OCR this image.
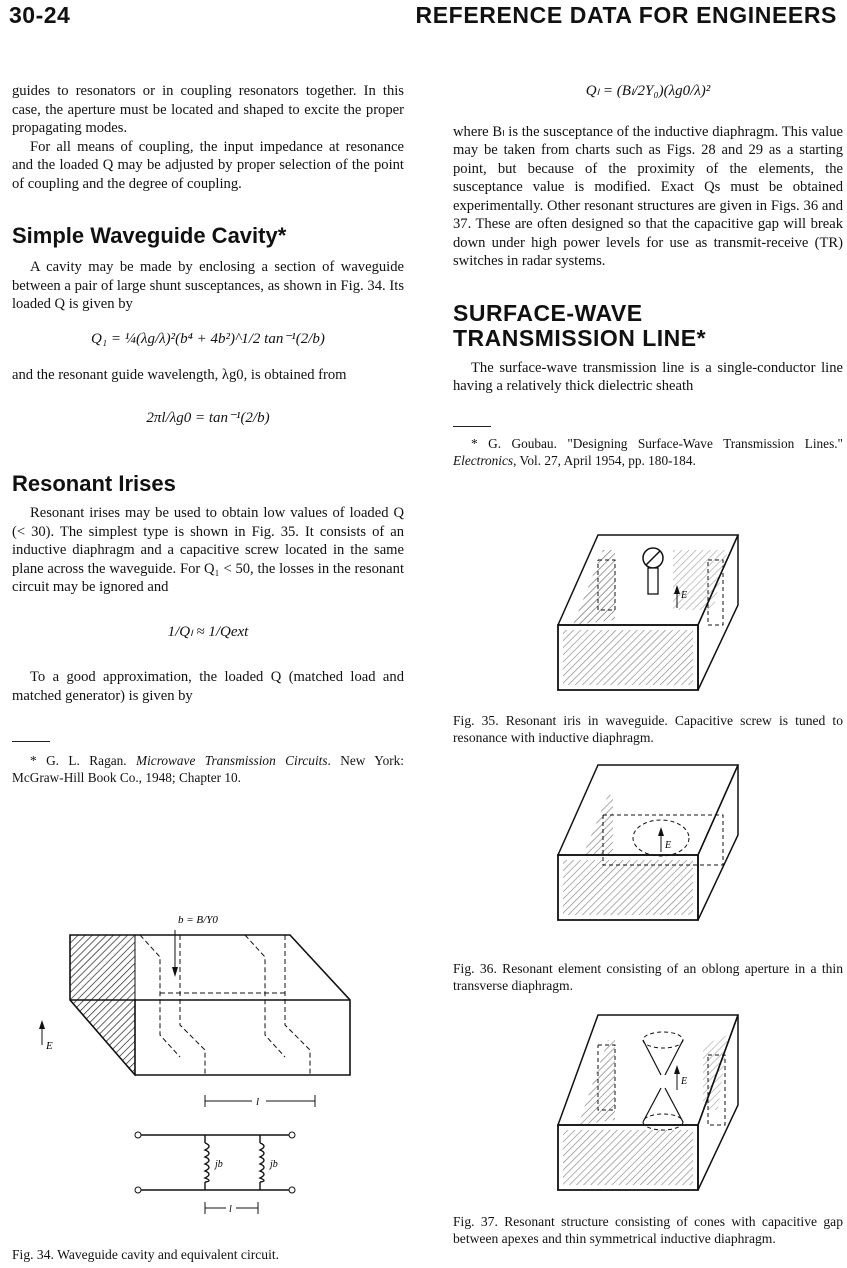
30-24	REFERENCE DATA FOR ENGINEERS

guides to resonators or in coupling resonators together. In this case, the aperture must be located and shaped to excite the proper propagating modes.

For all means of coupling, the input impedance at resonance and the loaded Q may be adjusted by proper selection of the point of coupling and the degree of coupling.

Simple Waveguide Cavity*

A cavity may be made by enclosing a section of waveguide between a pair of large shunt susceptances, as shown in Fig. 34. Its loaded Q is given by

Q₁ = ¼(λg/λ)²(b⁴ + 4b²)^1/2 tan⁻¹(2/b)

and the resonant guide wavelength, λg0, is obtained from

2πl/λg0 = tan⁻¹(2/b)
Resonant Irises

Resonant irises may be used to obtain low values of loaded Q (< 30). The simplest type is shown in Fig. 35. It consists of an inductive diaphragm and a capacitive screw located in the same plane across the waveguide. For Q₁ < 50, the losses in the resonant circuit may be ignored and

1/Qₗ ≈ 1/Qext

To a good approximation, the loaded Q (matched load and matched generator) is given by

* G. L. Ragan. Microwave Transmission Circuits. New York: McGraw-Hill Book Co., 1948; Chapter 10.

b = B/Y0
E
l
jb	jb
l
Fig. 34. Waveguide cavity and equivalent circuit.
Qₗ = (Bₗ/2Y₀)(λg0/λ)²

where Bₗ is the susceptance of the inductive diaphragm. This value may be taken from charts such as Figs. 28 and 29 as a starting point, but because of the proximity of the elements, the susceptance value is modified. Exact Qs must be obtained experimentally. Other resonant structures are given in Figs. 36 and 37. These are often designed so that the capacitive gap will break down under high power levels for use as transmit-receive (TR) switches in radar systems.

SURFACE-WAVE
TRANSMISSION LINE*

The surface-wave transmission line is a single-conductor line having a relatively thick dielectric sheath

* G. Goubau. "Designing Surface-Wave Transmission Lines." Electronics, Vol. 27, April 1954, pp. 180-184.

E
Fig. 35. Resonant iris in waveguide. Capacitive screw is tuned to resonance with inductive diaphragm.
E
Fig. 36. Resonant element consisting of an oblong aperture in a thin transverse diaphragm.
E
Fig. 37. Resonant structure consisting of cones with capacitive gap between apexes and thin symmetrical inductive diaphragm.
